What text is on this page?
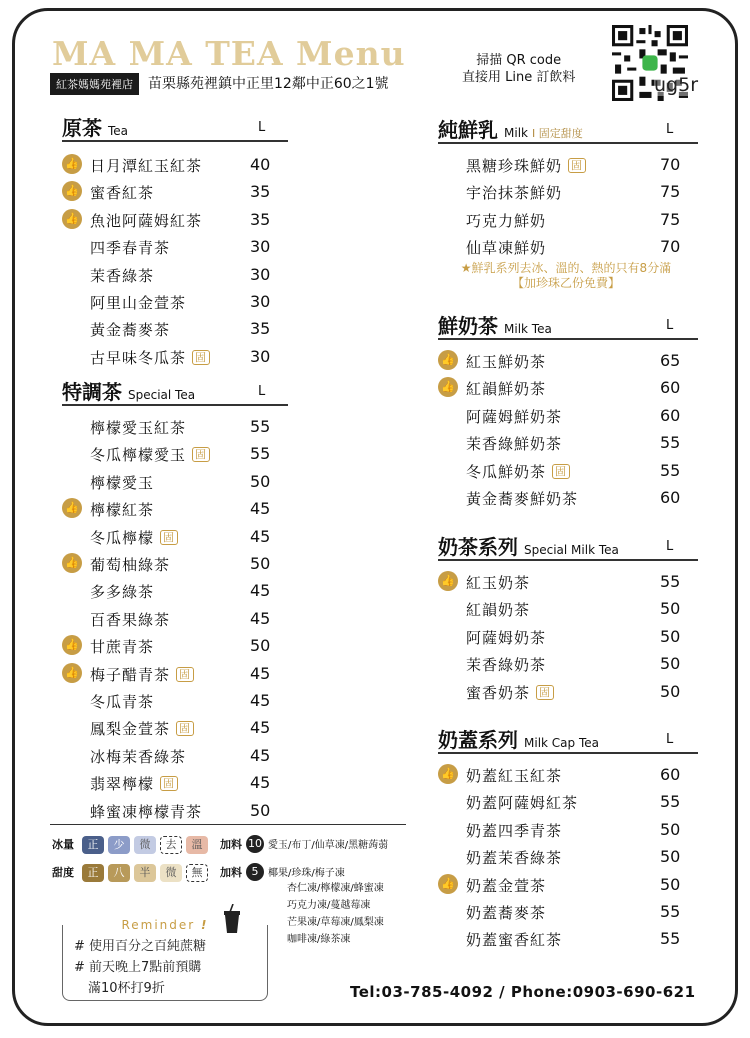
MA MA TEA Menu
紅茶媽媽苑裡店	苗栗縣苑裡鎮中正里12鄰中正60之1號
掃描 QR code
直接用 Line 訂飲料	ug5r
原茶 Tea	L
👍 日月潭紅玉紅茶	40
👍 蜜香紅茶	35
👍 魚池阿薩姆紅茶	35
四季春青茶	30
茉香綠茶	30
阿里山金萱茶	30
黃金蕎麥茶	35
古早味冬瓜茶 固	30
特調茶 Special Tea	L
檸檬愛玉紅茶	55
冬瓜檸檬愛玉 固	55
檸檬愛玉	50
👍 檸檬紅茶	45
冬瓜檸檬 固	45
👍 葡萄柚綠茶	50
多多綠茶	45
百香果綠茶	45
👍 甘蔗青茶	50
👍 梅子醋青茶 固	45
冬瓜青茶	45
鳳梨金萱茶 固	45
冰梅茉香綠茶	45
翡翠檸檬 固	45
蜂蜜凍檸檬青茶	50
純鮮乳 Milk I 固定甜度	L
黑糖珍珠鮮奶 固	70
宇治抹茶鮮奶	75
巧克力鮮奶	75
仙草凍鮮奶	70
★鮮乳系列去冰、溫的、熱的只有8分滿
【加珍珠乙份免費】
鮮奶茶 Milk Tea	L
👍 紅玉鮮奶茶	65
👍 紅韻鮮奶茶	60
阿薩姆鮮奶茶	60
茉香綠鮮奶茶	55
冬瓜鮮奶茶 固	55
黃金蕎麥鮮奶茶	60
奶茶系列 Special Milk Tea	L
👍 紅玉奶茶	55
紅韻奶茶	50
阿薩姆奶茶	50
茉香綠奶茶	50
蜜香奶茶 固	50
奶蓋系列 Milk Cap Tea	L
👍 奶蓋紅玉紅茶	60
奶蓋阿薩姆紅茶	55
奶蓋四季青茶	50
奶蓋茉香綠茶	50
👍 奶蓋金萱茶	50
奶蓋蕎麥茶	55
奶蓋蜜香紅茶	55
冰量	正 少 微 去 溫	加料 10 愛玉/布丁/仙草凍/黑糖蒟蒻
甜度	正 八 半 微 無	加料 5 椰果/珍珠/梅子凍
杏仁凍/檸檬凍/蜂蜜凍
巧克力凍/蔓越莓凍
芒果凍/草莓凍/鳳梨凍
咖啡凍/綠茶凍
Reminder !
# 使用百分之百純蔗糖
# 前天晚上7點前預購
滿10杯打9折	Tel:03-785-4092 / Phone:0903-690-621
